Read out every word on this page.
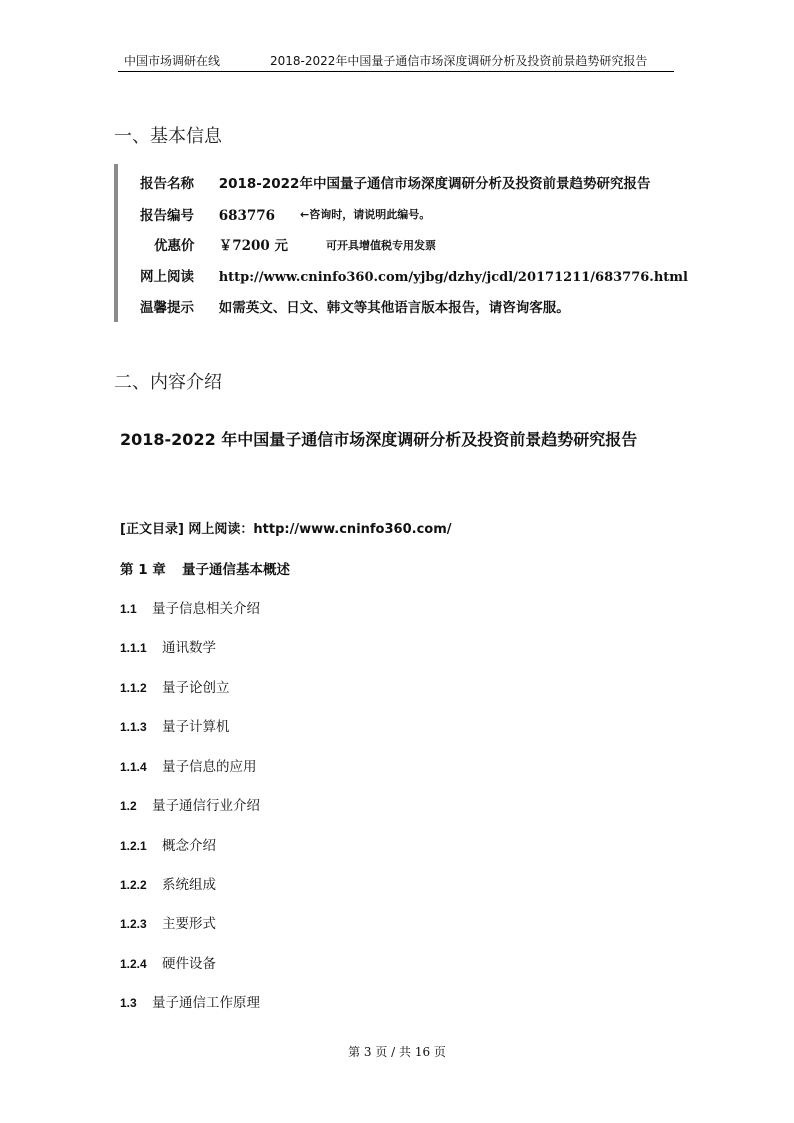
中国市场调研在线	2018-2022年中国量子通信市场深度调研分析及投资前景趋势研究报告
一、基本信息
报告名称 2018-2022年中国量子通信市场深度调研分析及投资前景趋势研究报告
报告编号 683776 ←咨询时，请说明此编号。
优惠价 ￥7200 元	可开具增值税专用发票
网上阅读 http://www.cninfo360.com/yjbg/dzhy/jcdl/20171211/683776.html
温馨提示 如需英文、日文、韩文等其他语言版本报告，请咨询客服。
二、内容介绍
2018-2022 年中国量子通信市场深度调研分析及投资前景趋势研究报告
[正文目录] 网上阅读：http://www.cninfo360.com/
第 1 章 量子通信基本概述
1.1 量子信息相关介绍
1.1.1 通讯数学
1.1.2 量子论创立
1.1.3 量子计算机
1.1.4 量子信息的应用
1.2 量子通信行业介绍
1.2.1 概念介绍
1.2.2 系统组成
1.2.3 主要形式
1.2.4 硬件设备
1.3 量子通信工作原理
第 3 页 / 共 16 页
